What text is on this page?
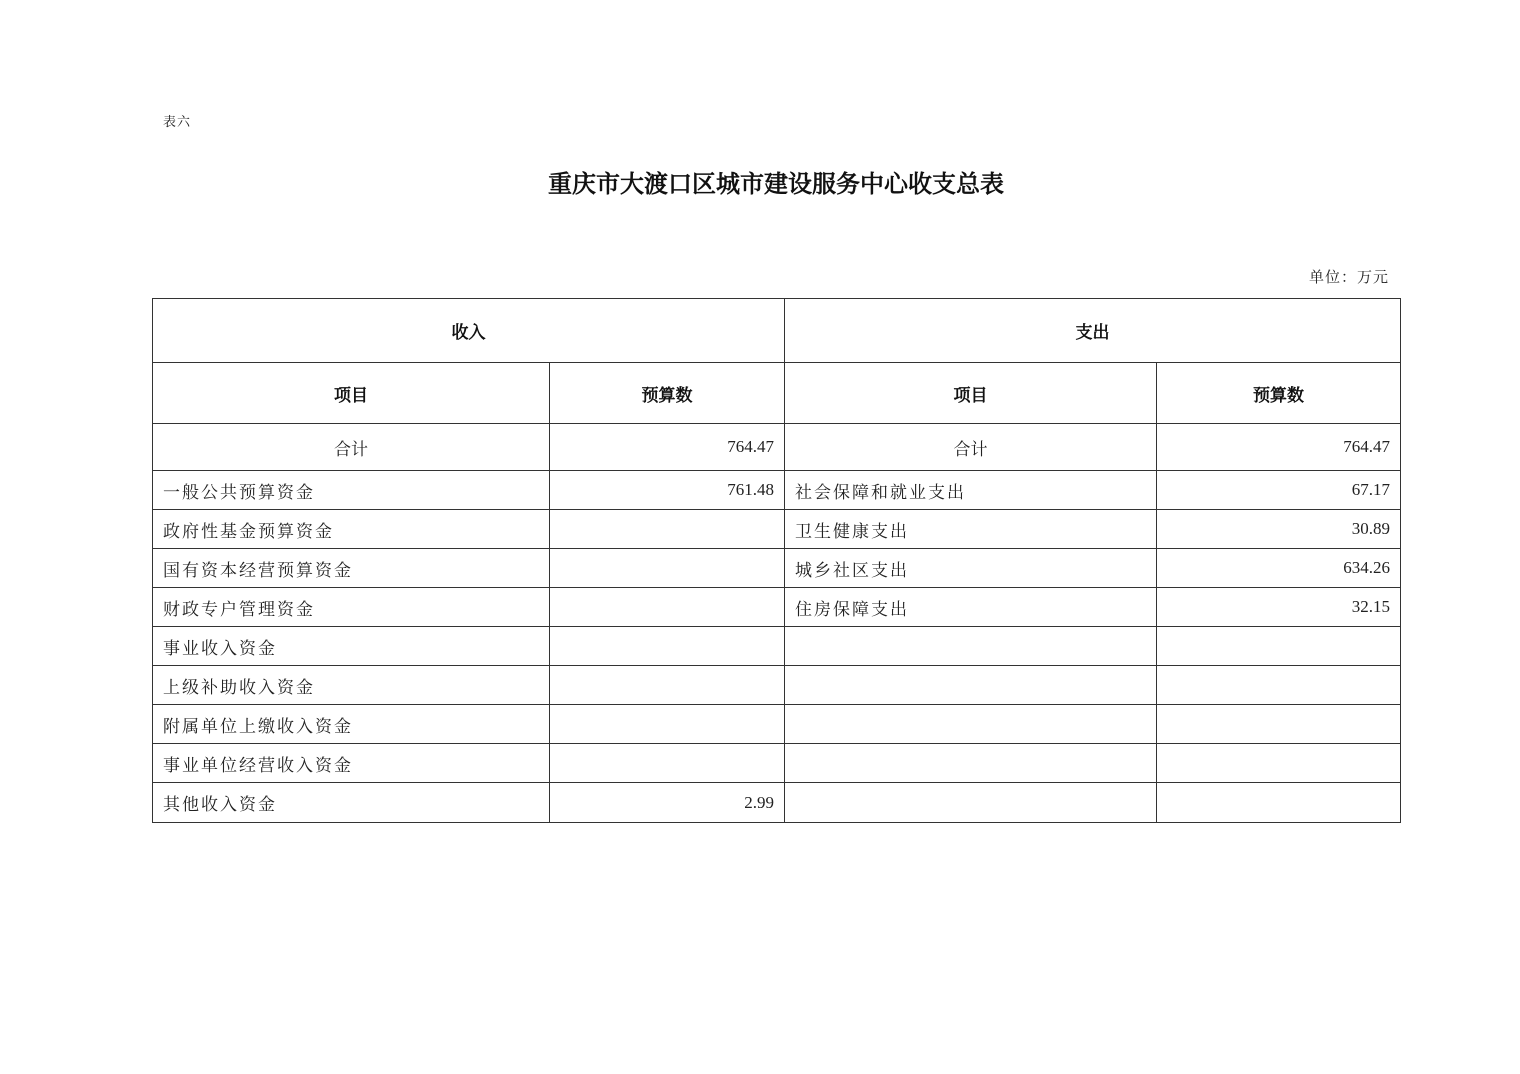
表六
重庆市大渡口区城市建设服务中心收支总表
单位：万元
收入		支出	
项目	预算数	项目	预算数
合计	764.47	合计	764.47
一般公共预算资金	761.48	社会保障和就业支出	67.17
政府性基金预算资金		卫生健康支出	30.89
国有资本经营预算资金		城乡社区支出	634.26
财政专户管理资金		住房保障支出	32.15
事业收入资金			
上级补助收入资金			
附属单位上缴收入资金			
事业单位经营收入资金			
其他收入资金	2.99		
